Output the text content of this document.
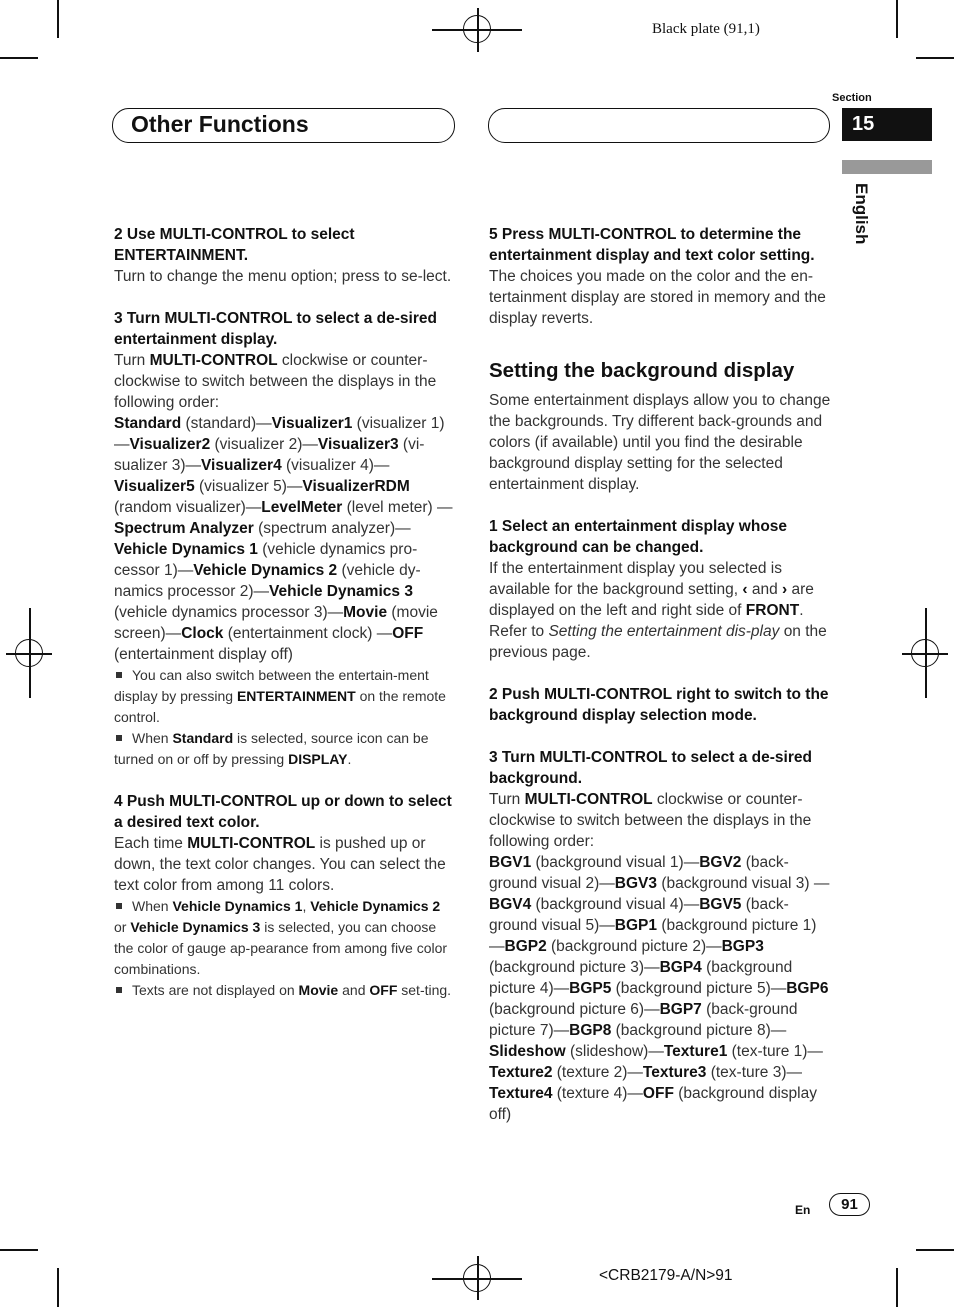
Black plate (91,1)
Other Functions
Section
15
English

2 Use MULTI-CONTROL to select ENTERTAINMENT.

Turn to change the menu option; press to se-lect.

3 Turn MULTI-CONTROL to select a de-sired entertainment display.

Turn MULTI-CONTROL clockwise or counter-clockwise to switch between the displays in the following order:

Standard (standard)—Visualizer1 (visualizer 1)—Visualizer2 (visualizer 2)—Visualizer3 (vi-sualizer 3)—Visualizer4 (visualizer 4)—Visualizer5 (visualizer 5)—VisualizerRDM (random visualizer)—LevelMeter (level meter) —Spectrum Analyzer (spectrum analyzer)—Vehicle Dynamics 1 (vehicle dynamics pro-cessor 1)—Vehicle Dynamics 2 (vehicle dy-namics processor 2)—Vehicle Dynamics 3 (vehicle dynamics processor 3)—Movie (movie screen)—Clock (entertainment clock) —OFF (entertainment display off)

You can also switch between the entertain-ment display by pressing ENTERTAINMENT on the remote control.

When Standard is selected, source icon can be turned on or off by pressing DISPLAY.

4 Push MULTI-CONTROL up or down to select a desired text color.

Each time MULTI-CONTROL is pushed up or down, the text color changes. You can select the text color from among 11 colors.

When Vehicle Dynamics 1, Vehicle Dynamics 2 or Vehicle Dynamics 3 is selected, you can choose the color of gauge ap-pearance from among five color combinations.

Texts are not displayed on Movie and OFF set-ting.

5 Press MULTI-CONTROL to determine the entertainment display and text color setting.

The choices you made on the color and the en-tertainment display are stored in memory and the display reverts.

Setting the background display

Some entertainment displays allow you to change the backgrounds. Try different back-grounds and colors (if available) until you find the desirable background display setting for the selected entertainment display.

1 Select an entertainment display whose background can be changed.

If the entertainment display you selected is available for the background setting, ‹ and › are displayed on the left and right side of FRONT. Refer to Setting the entertainment dis-play on the previous page.

2 Push MULTI-CONTROL right to switch to the background display selection mode.

3 Turn MULTI-CONTROL to select a de-sired background.

Turn MULTI-CONTROL clockwise or counter-clockwise to switch between the displays in the following order:

BGV1 (background visual 1)—BGV2 (back-ground visual 2)—BGV3 (background visual 3) —BGV4 (background visual 4)—BGV5 (back-ground visual 5)—BGP1 (background picture 1)—BGP2 (background picture 2)—BGP3 (background picture 3)—BGP4 (background picture 4)—BGP5 (background picture 5)—BGP6 (background picture 6)—BGP7 (back-ground picture 7)—BGP8 (background picture 8)—Slideshow (slideshow)—Texture1 (tex-ture 1)—Texture2 (texture 2)—Texture3 (tex-ture 3)—Texture4 (texture 4)—OFF (background display off)

En	91
<CRB2179-A/N>91
